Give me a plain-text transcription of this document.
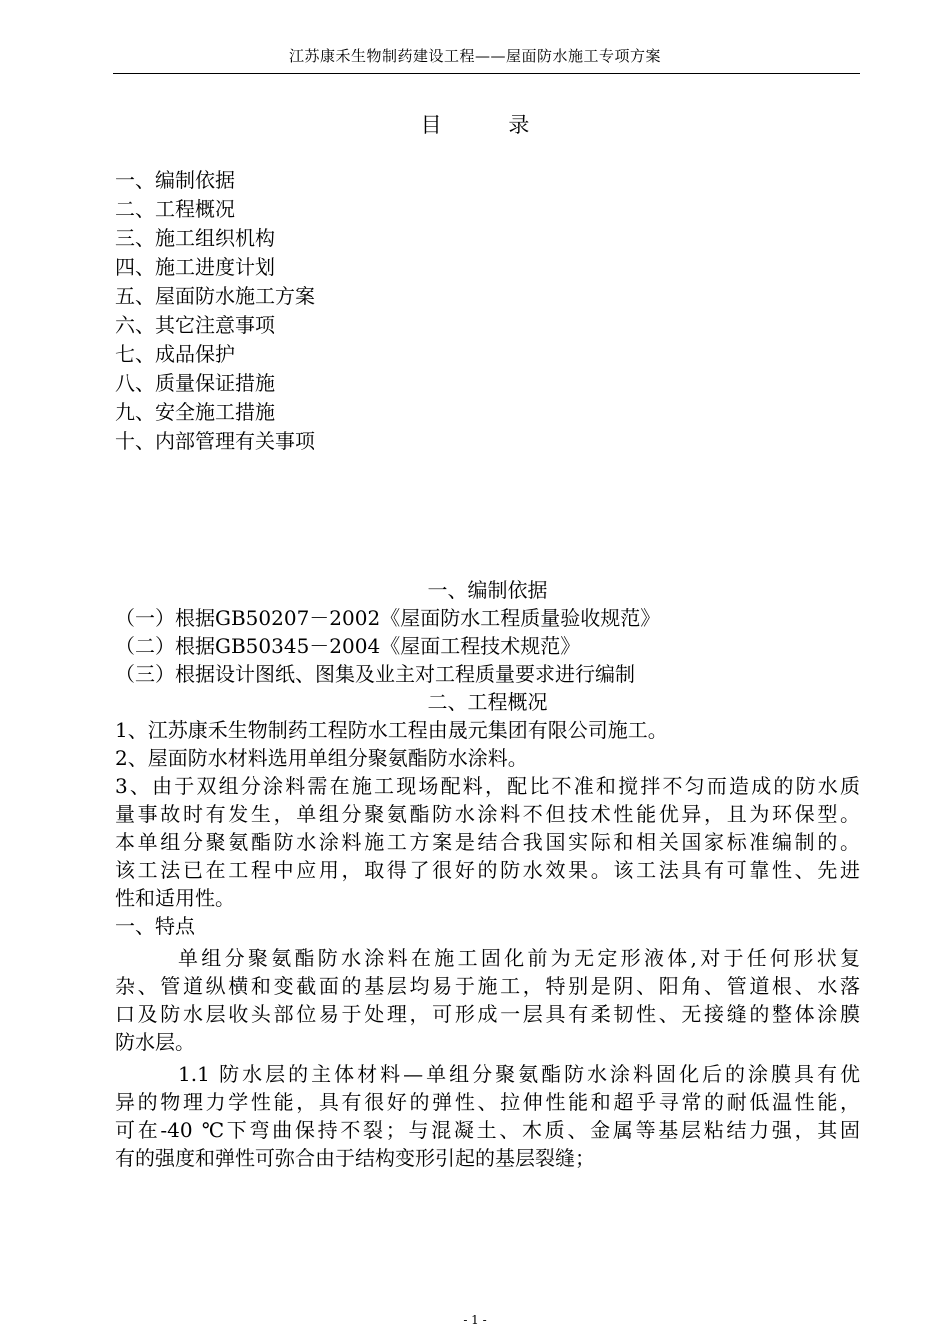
江苏康禾生物制药建设工程——屋面防水施工专项方案
目 录
一、编制依据
二、工程概况
三、施工组织机构
四、施工进度计划
五、屋面防水施工方案
六、其它注意事项
七、成品保护
八、质量保证措施
九、安全施工措施
十、内部管理有关事项
一、编制依据
（一）根据GB50207－2002《屋面防水工程质量验收规范》
（二）根据GB50345－2004《屋面工程技术规范》
（三）根据设计图纸、图集及业主对工程质量要求进行编制
二、工程概况
1、江苏康禾生物制药工程防水工程由晟元集团有限公司施工。
2、屋面防水材料选用单组分聚氨酯防水涂料。
3、由于双组分涂料需在施工现场配料，配比不准和搅拌不匀而造成的防水质
量事故时有发生，单组分聚氨酯防水涂料不但技术性能优异，且为环保型。
本单组分聚氨酯防水涂料施工方案是结合我国实际和相关国家标准编制的。
该工法已在工程中应用，取得了很好的防水效果。该工法具有可靠性、先进
性和适用性。
一、特点
单组分聚氨酯防水涂料在施工固化前为无定形液体,对于任何形状复
杂、管道纵横和变截面的基层均易于施工，特别是阴、阳角、管道根、水落
口及防水层收头部位易于处理，可形成一层具有柔韧性、无接缝的整体涂膜
防水层。
1.1 防水层的主体材料—单组分聚氨酯防水涂料固化后的涂膜具有优
异的物理力学性能，具有很好的弹性、拉伸性能和超乎寻常的耐低温性能，
可在-40 ℃下弯曲保持不裂；与混凝土、木质、金属等基层粘结力强，其固
有的强度和弹性可弥合由于结构变形引起的基层裂缝；
- 1 -
